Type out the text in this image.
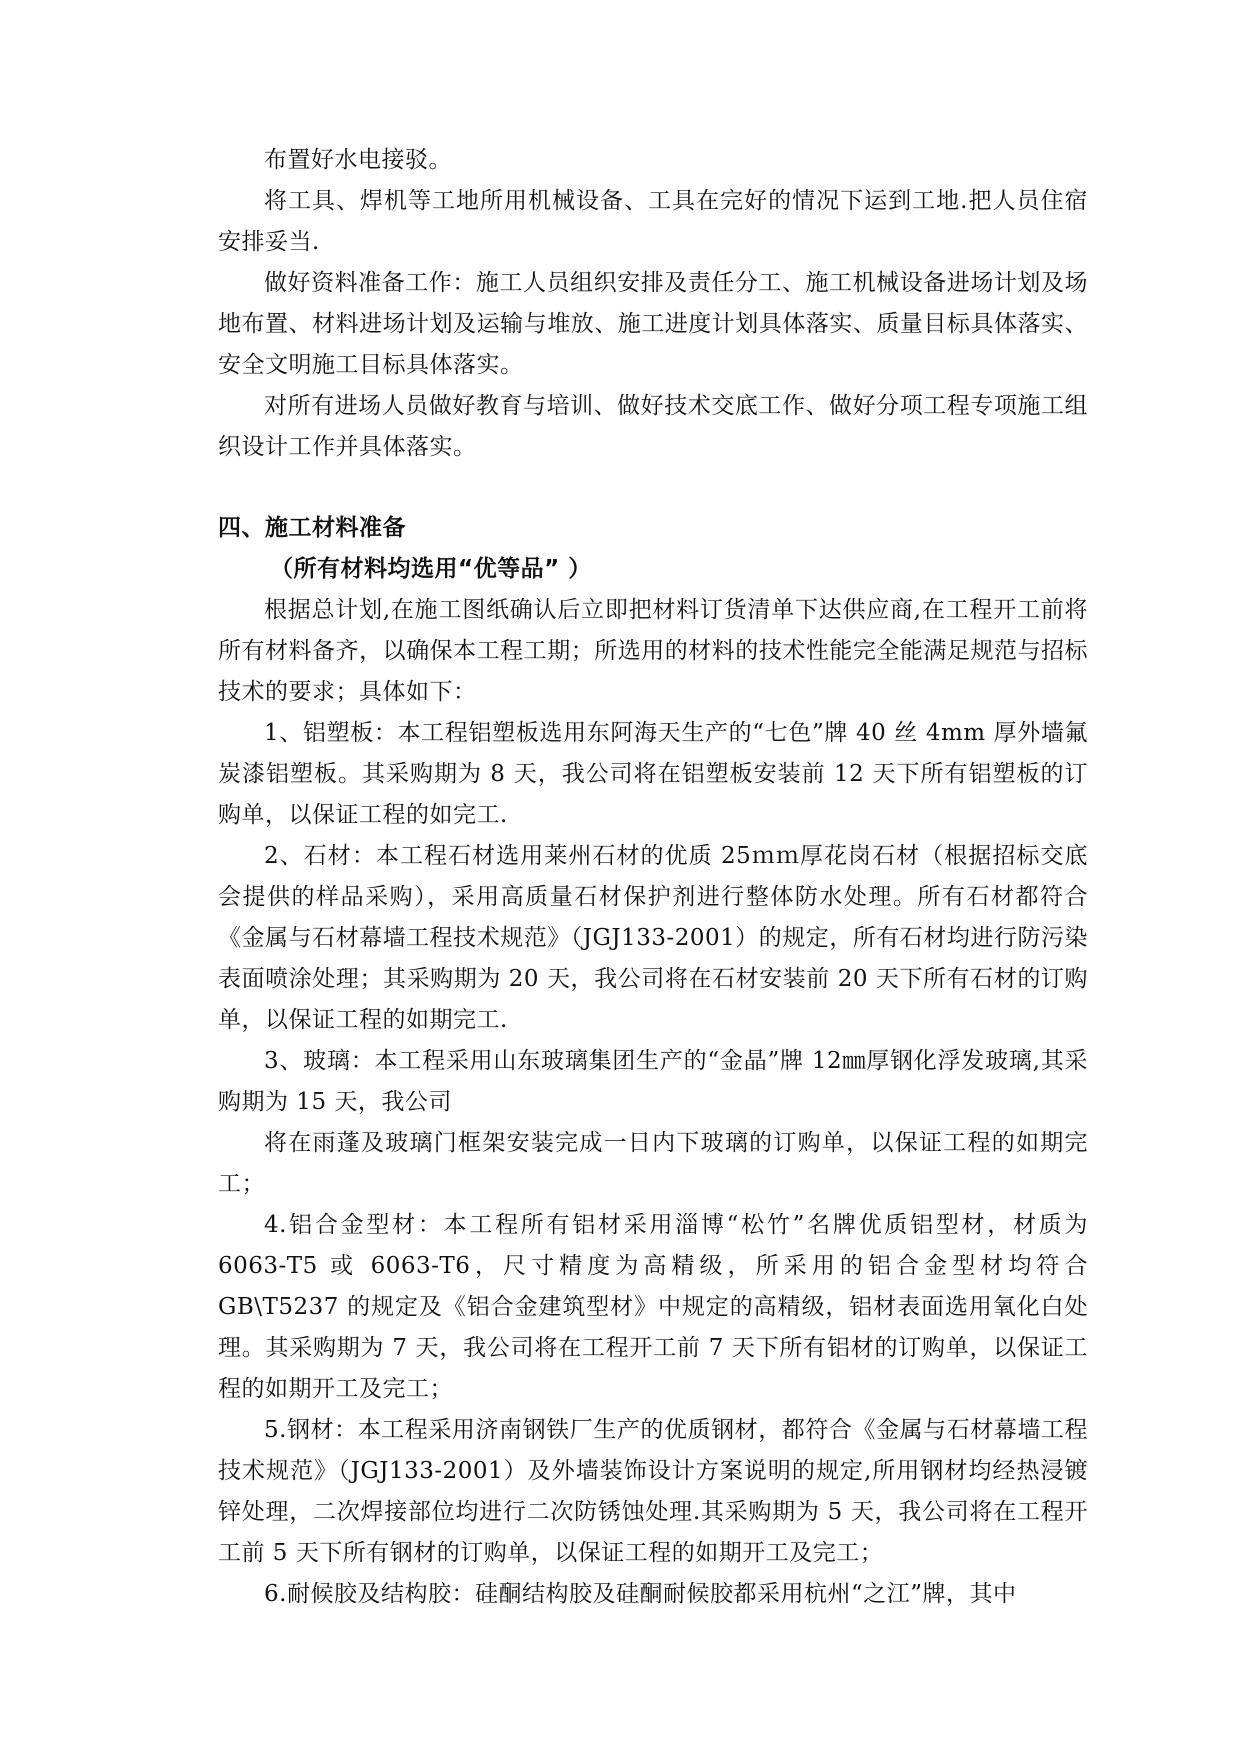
布置好水电接驳。

将工具、焊机等工地所用机械设备、工具在完好的情况下运到工地.把人员住宿安排妥当.

做好资料准备工作：施工人员组织安排及责任分工、施工机械设备进场计划及场地布置、材料进场计划及运输与堆放、施工进度计划具体落实、质量目标具体落实、安全文明施工目标具体落实。

对所有进场人员做好教育与培训、做好技术交底工作、做好分项工程专项施工组织设计工作并具体落实。

四、施工材料准备

（所有材料均选用“优等品” ）

根据总计划,在施工图纸确认后立即把材料订货清单下达供应商,在工程开工前将所有材料备齐，以确保本工程工期；所选用的材料的技术性能完全能满足规范与招标技术的要求；具体如下：

1、铝塑板：本工程铝塑板选用东阿海天生产的“七色”牌 40 丝 4mm 厚外墙氟炭漆铝塑板。其采购期为 8 天，我公司将在铝塑板安装前 12 天下所有铝塑板的订购单，以保证工程的如完工.

2、石材：本工程石材选用莱州石材的优质 25ｍｍ厚花岗石材（根据招标交底会提供的样品采购），采用高质量石材保护剂进行整体防水处理。所有石材都符合《金属与石材幕墙工程技术规范》（JGJ133-2001）的规定，所有石材均进行防污染表面喷涂处理；其采购期为 20 天，我公司将在石材安装前 20 天下所有石材的订购单，以保证工程的如期完工.

3、玻璃：本工程采用山东玻璃集团生产的“金晶”牌 12㎜厚钢化浮发玻璃,其采购期为 15 天，我公司

将在雨蓬及玻璃门框架安装完成一日内下玻璃的订购单，以保证工程的如期完工；

4.铝合金型材：本工程所有铝材采用淄博“松竹”名牌优质铝型材，材质为 6063-T5 或 6063-T6，尺寸精度为高精级，所采用的铝合金型材均符合 GB\T5237 的规定及《铝合金建筑型材》中规定的高精级，铝材表面选用氧化白处理。其采购期为 7 天，我公司将在工程开工前 7 天下所有铝材的订购单，以保证工程的如期开工及完工；

5.钢材：本工程采用济南钢铁厂生产的优质钢材，都符合《金属与石材幕墙工程技术规范》（JGJ133-2001）及外墙装饰设计方案说明的规定,所用钢材均经热浸镀锌处理，二次焊接部位均进行二次防锈蚀处理.其采购期为 5 天，我公司将在工程开工前 5 天下所有钢材的订购单，以保证工程的如期开工及完工；

6.耐候胶及结构胶：硅酮结构胶及硅酮耐候胶都采用杭州“之江”牌，其中
